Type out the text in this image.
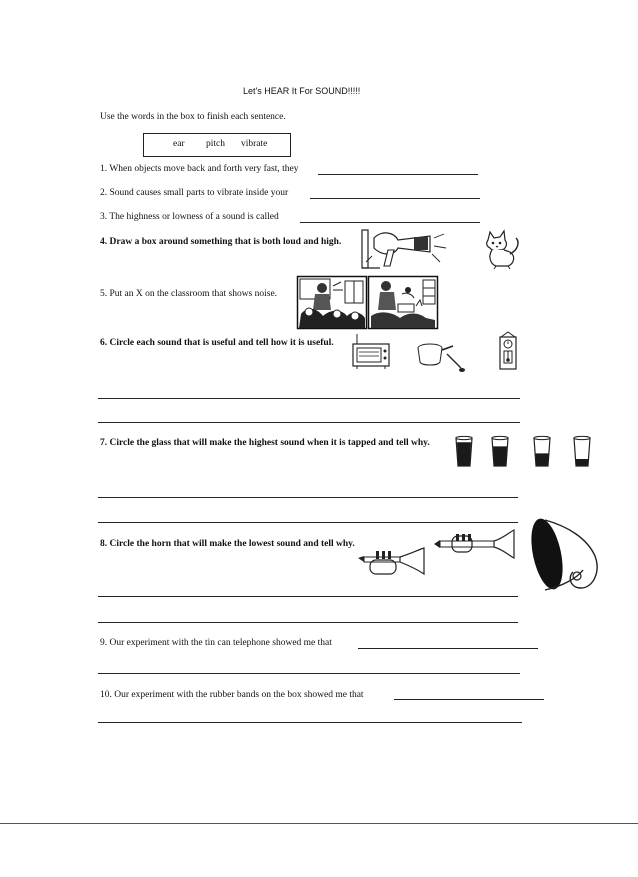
Let's HEAR It For SOUND!!!!!
Use the words in the box to finish each sentence.
ear pitch vibrate
1. When objects move back and forth very fast, they
2. Sound causes small parts to vibrate inside your
3. The highness or lowness of a sound is called
4. Draw a box around something that is both loud and high.
5. Put an X on the classroom that shows noise.
6. Circle each sound that is useful and tell how it is useful.
7. Circle the glass that will make the highest sound when it is tapped and tell why.
8. Circle the horn that will make the lowest sound and tell why.
9. Our experiment with the tin can telephone showed me that
10. Our experiment with the rubber bands on the box showed me that
